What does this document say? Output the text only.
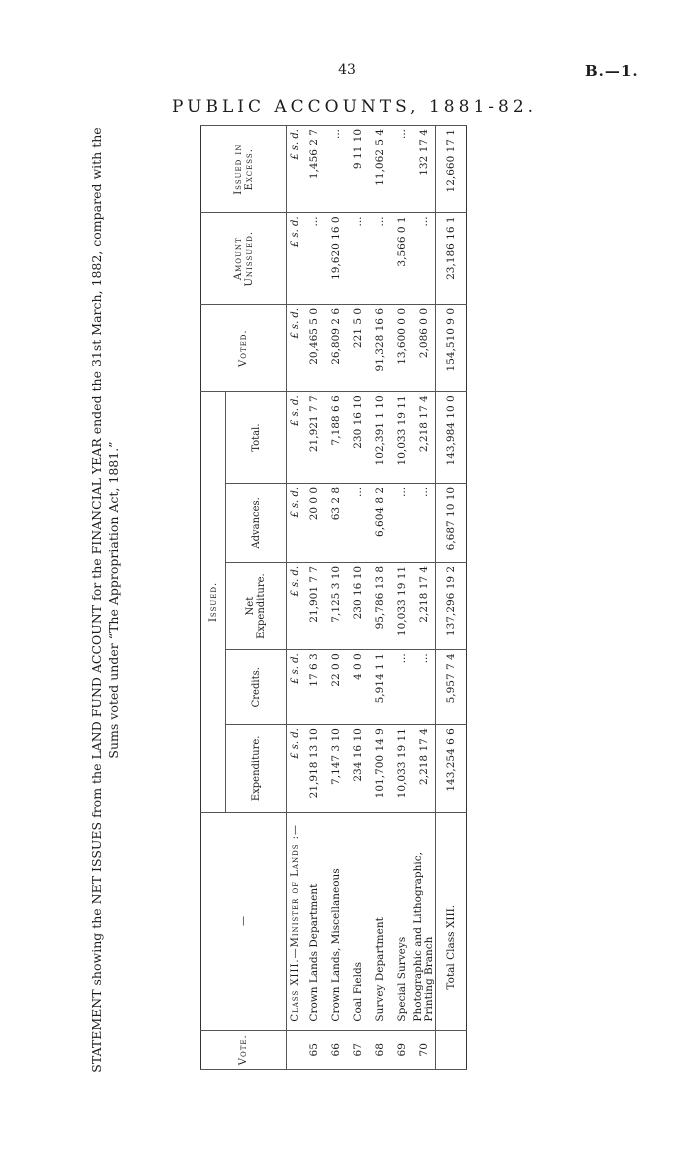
43	B.—1.
PUBLIC ACCOUNTS, 1881-82.
STATEMENT showing the NET ISSUES from the LAND FUND ACCOUNT for the FINANCIAL YEAR ended the 31st March, 1882, compared with the Sums voted under “The Appropriation Act, 1881.”
Vote.	—	Issued.					Voted.	Amount Unissued.	Issued in Excess.
		Expenditure.	Credits.	Net Expenditure.	Advances.	Total.			
	Class XIII.—Minister of Lands :—	£ s. d.	£ s. d.	£ s. d.	£ s. d.	£ s. d.	£ s. d.	£ s. d.	£ s. d.
65	Crown Lands Department	21,918 13 10	17 6 3	21,901 7 7	20 0 0	21,921 7 7	20,465 5 0	...	1,456 2 7
66	Crown Lands, Miscellaneous	7,147 3 10	22 0 0	7,125 3 10	63 2 8	7,188 6 6	26,809 2 6	19,620 16 0	...
67	Coal Fields	234 16 10	4 0 0	230 16 10	...	230 16 10	221 5 0	...	9 11 10
68	Survey Department	101,700 14 9	5,914 1 1	95,786 13 8	6,604 8 2	102,391 1 10	91,328 16 6	...	11,062 5 4
69	Special Surveys	10,033 19 11	...	10,033 19 11	...	10,033 19 11	13,600 0 0	3,566 0 1	...
70	Photographic and Lithographic, Printing Branch	2,218 17 4	...	2,218 17 4	...	2,218 17 4	2,086 0 0	...	132 17 4
	Total Class XIII.	143,254 6 6	5,957 7 4	137,296 19 2	6,687 10 10	143,984 10 0	154,510 9 0	23,186 16 1	12,660 17 1
